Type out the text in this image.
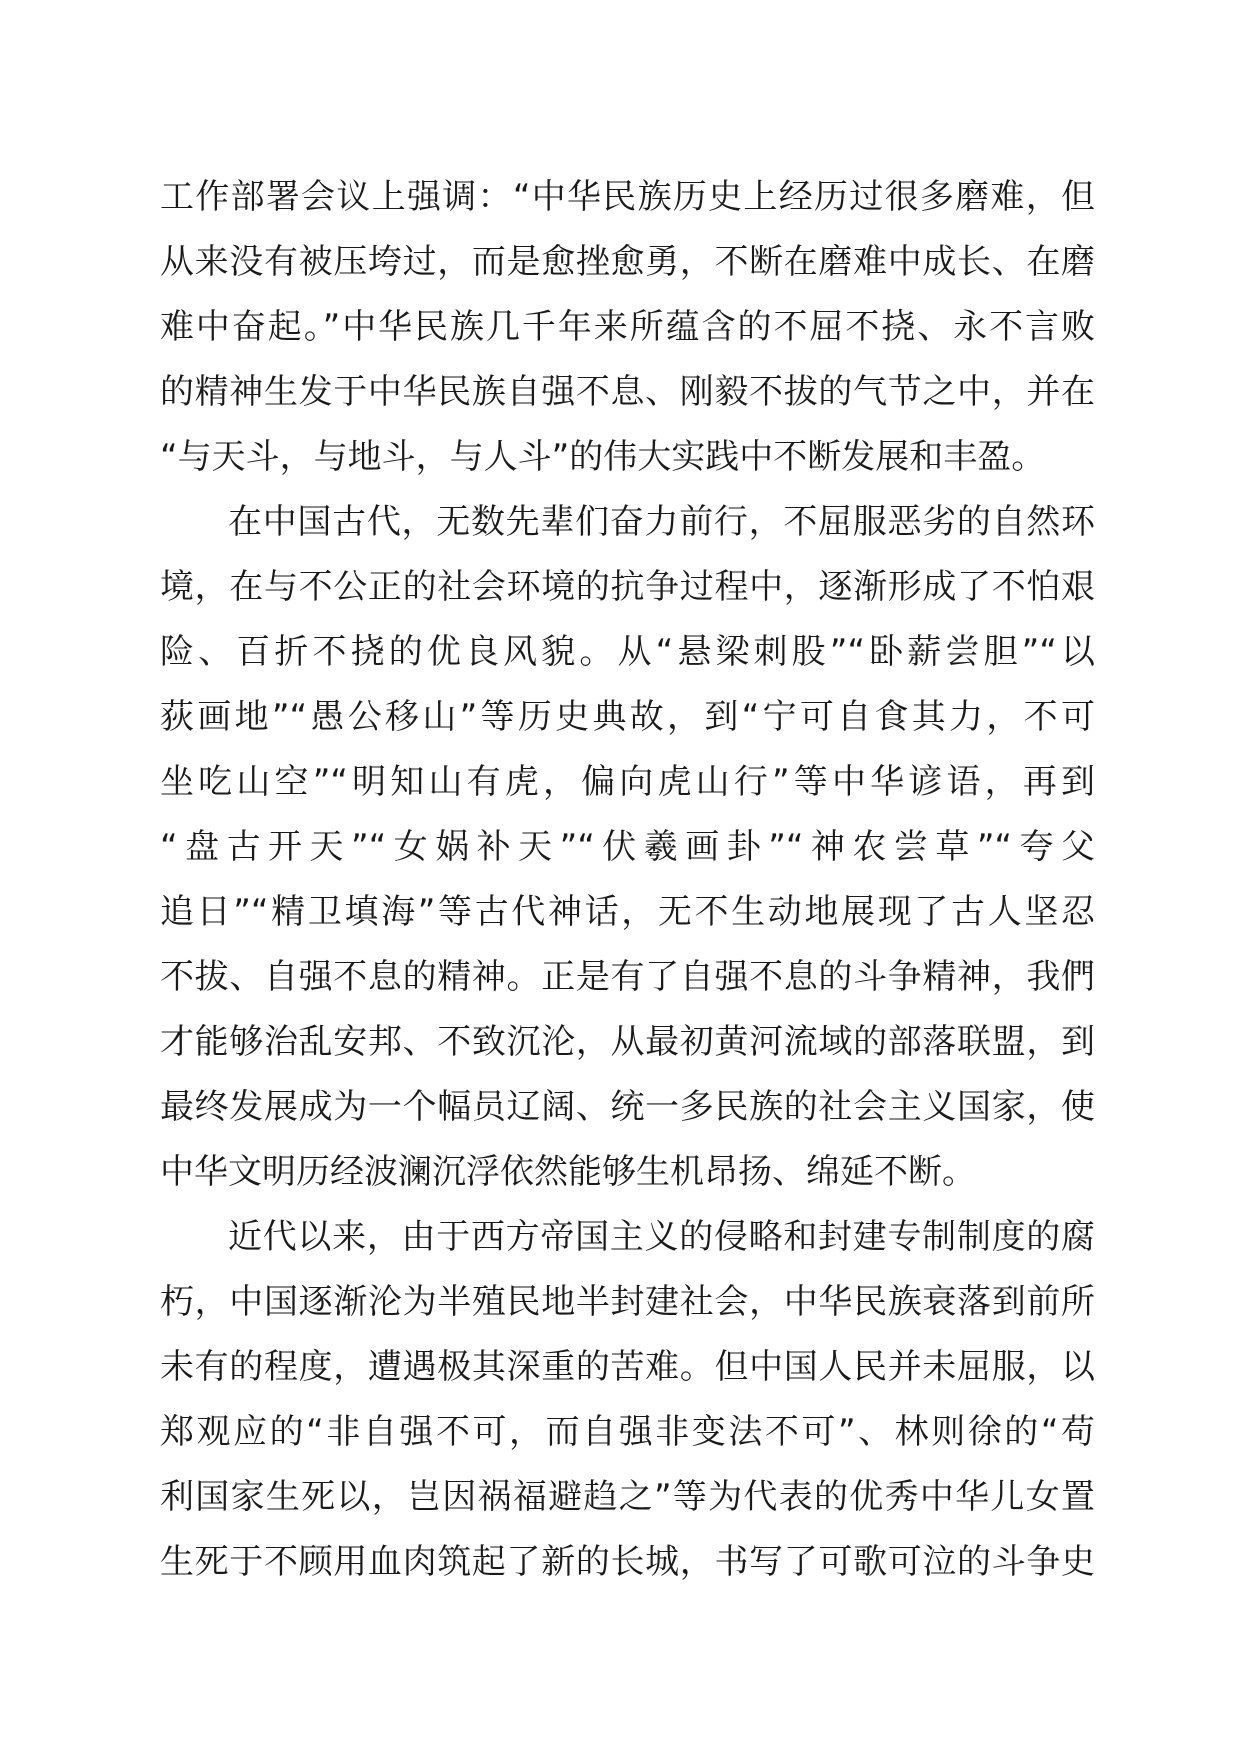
工作部署会议上强调：“中华民族历史上经历过很多磨难，但
从来没有被压垮过，而是愈挫愈勇，不断在磨难中成长、在磨
难中奋起。”中华民族几千年来所蕴含的不屈不挠、永不言败
的精神生发于中华民族自强不息、刚毅不拔的气节之中，并在
“与天斗，与地斗，与人斗”的伟大实践中不断发展和丰盈。
在中国古代，无数先辈们奋力前行，不屈服恶劣的自然环
境，在与不公正的社会环境的抗争过程中，逐渐形成了不怕艰
险、百折不挠的优良风貌。从“悬梁刺股”“卧薪尝胆”“以
荻画地”“愚公移山”等历史典故，到“宁可自食其力，不可
坐吃山空”“明知山有虎，偏向虎山行”等中华谚语，再到
“盘古开天”“女娲补天”“伏羲画卦”“神农尝草”“夸父
追日”“精卫填海”等古代神话，无不生动地展现了古人坚忍
不拔、自强不息的精神。正是有了自强不息的斗争精神，我們
才能够治乱安邦、不致沉沦，从最初黄河流域的部落联盟，到
最终发展成为一个幅员辽阔、统一多民族的社会主义国家，使
中华文明历经波澜沉浮依然能够生机昂扬、绵延不断。
近代以来，由于西方帝国主义的侵略和封建专制制度的腐
朽，中国逐渐沦为半殖民地半封建社会，中华民族衰落到前所
未有的程度，遭遇极其深重的苦难。但中国人民并未屈服，以
郑观应的“非自强不可，而自强非变法不可”、林则徐的“苟
利国家生死以，岂因祸福避趋之”等为代表的优秀中华儿女置
生死于不顾用血肉筑起了新的长城，书写了可歌可泣的斗争史
